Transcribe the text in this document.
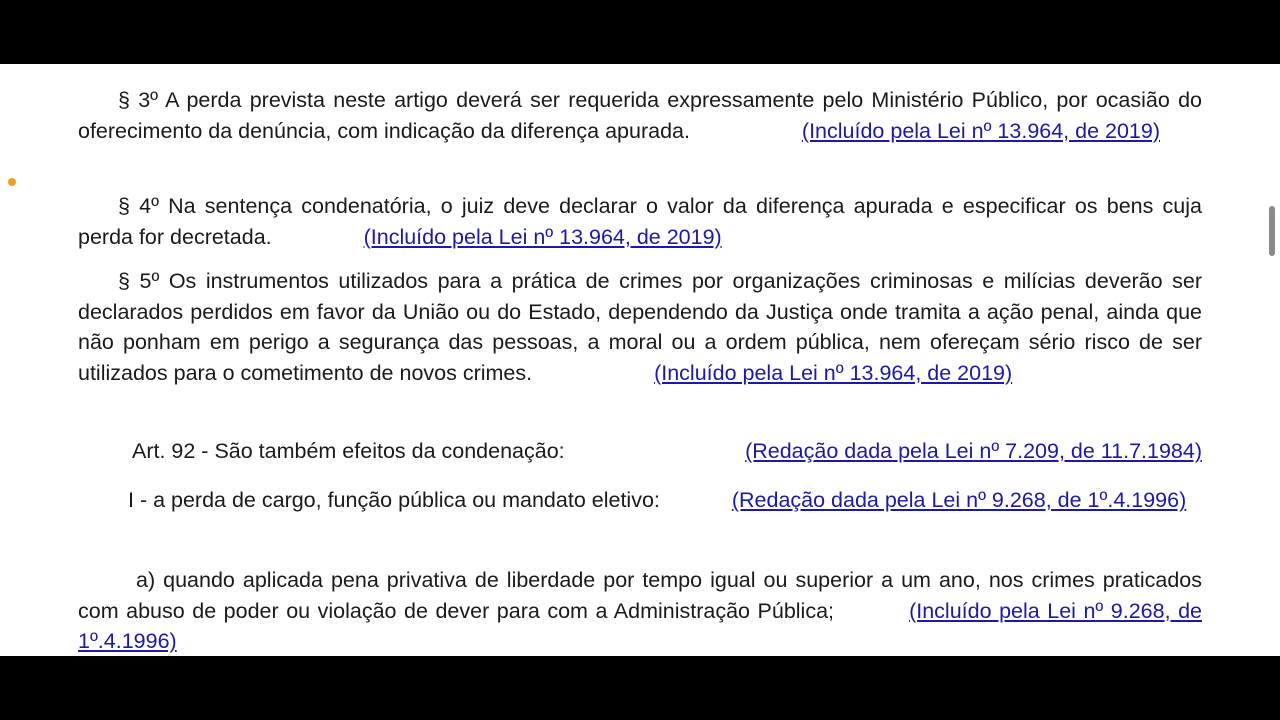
§ 3º A perda prevista neste artigo deverá ser requerida expressamente pelo Ministério Público, por ocasião do oferecimento da denúncia, com indicação da diferença apurada.	(Incluído pela Lei nº 13.964, de 2019)

§ 4º Na sentença condenatória, o juiz deve declarar o valor da diferença apurada e especificar os bens cuja perda for decretada.	(Incluído pela Lei nº 13.964, de 2019)

§ 5º Os instrumentos utilizados para a prática de crimes por organizações criminosas e milícias deverão ser declarados perdidos em favor da União ou do Estado, dependendo da Justiça onde tramita a ação penal, ainda que não ponham em perigo a segurança das pessoas, a moral ou a ordem pública, nem ofereçam sério risco de ser utilizados para o cometimento de novos crimes.	(Incluído pela Lei nº 13.964, de 2019)

Art. 92 - São também efeitos da condenação:	(Redação dada pela Lei nº 7.209, de 11.7.1984)

I - a perda de cargo, função pública ou mandato eletivo:	(Redação dada pela Lei nº 9.268, de 1º.4.1996)

a) quando aplicada pena privativa de liberdade por tempo igual ou superior a um ano, nos crimes praticados com abuso de poder ou violação de dever para com a Administração Pública;	(Incluído pela Lei nº 9.268, de 1º.4.1996)
